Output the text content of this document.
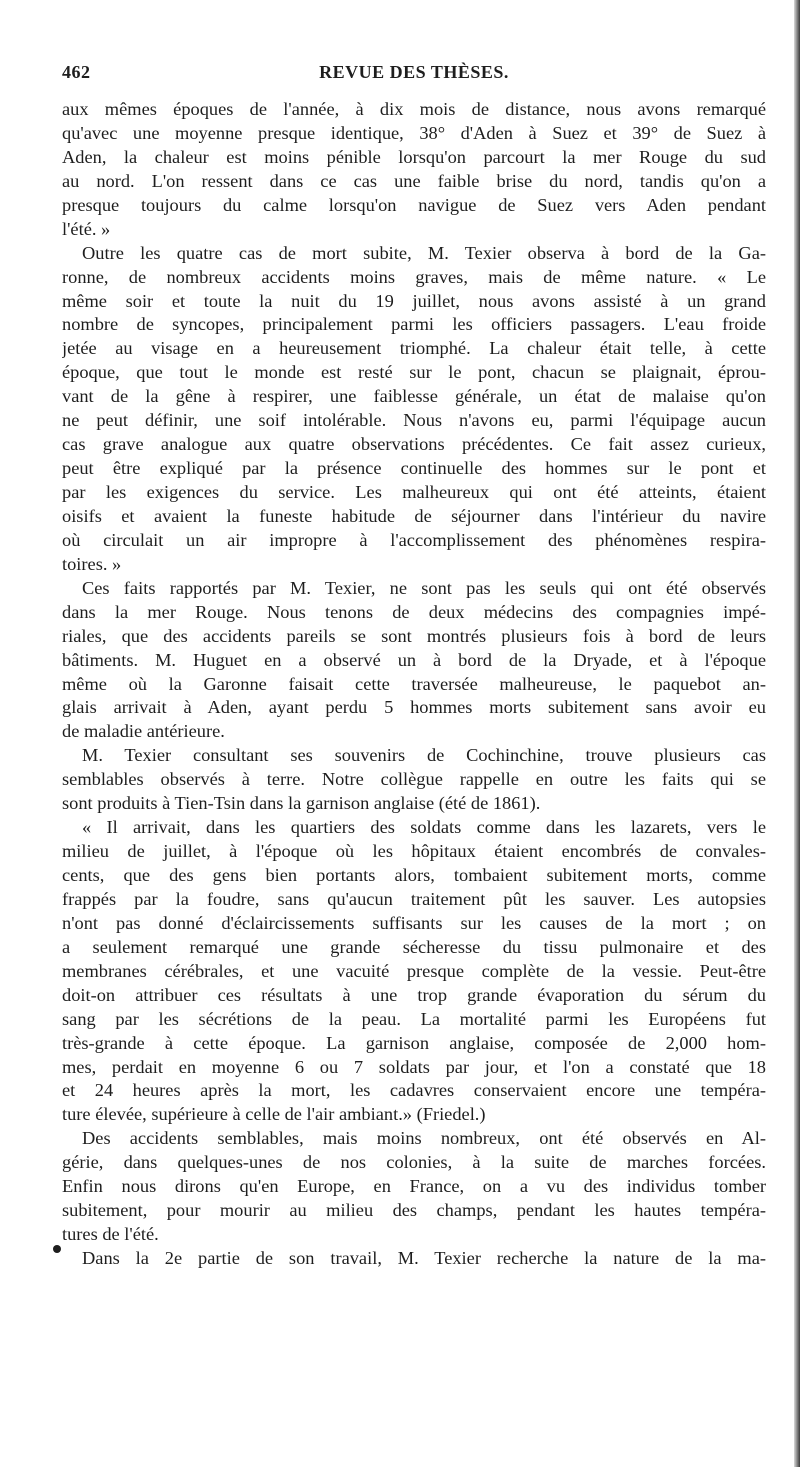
462	REVUE DES THÈSES.
aux mêmes époques de l'année, à dix mois de distance, nous avons remarqué
qu'avec une moyenne presque identique, 38° d'Aden à Suez et 39° de Suez à
Aden, la chaleur est moins pénible lorsqu'on parcourt la mer Rouge du sud
au nord. L'on ressent dans ce cas une faible brise du nord, tandis qu'on a
presque toujours du calme lorsqu'on navigue de Suez vers Aden pendant
l'été. »
Outre les quatre cas de mort subite, M. Texier observa à bord de la Ga-
ronne, de nombreux accidents moins graves, mais de même nature. « Le
même soir et toute la nuit du 19 juillet, nous avons assisté à un grand
nombre de syncopes, principalement parmi les officiers passagers. L'eau froide
jetée au visage en a heureusement triomphé. La chaleur était telle, à cette
époque, que tout le monde est resté sur le pont, chacun se plaignait, éprou-
vant de la gêne à respirer, une faiblesse générale, un état de malaise qu'on
ne peut définir, une soif intolérable. Nous n'avons eu, parmi l'équipage aucun
cas grave analogue aux quatre observations précédentes. Ce fait assez curieux,
peut être expliqué par la présence continuelle des hommes sur le pont et
par les exigences du service. Les malheureux qui ont été atteints, étaient
oisifs et avaient la funeste habitude de séjourner dans l'intérieur du navire
où circulait un air impropre à l'accomplissement des phénomènes respira-
toires. »
Ces faits rapportés par M. Texier, ne sont pas les seuls qui ont été observés
dans la mer Rouge. Nous tenons de deux médecins des compagnies impé-
riales, que des accidents pareils se sont montrés plusieurs fois à bord de leurs
bâtiments. M. Huguet en a observé un à bord de la Dryade, et à l'époque
même où la Garonne faisait cette traversée malheureuse, le paquebot an-
glais arrivait à Aden, ayant perdu 5 hommes morts subitement sans avoir eu
de maladie antérieure.
M. Texier consultant ses souvenirs de Cochinchine, trouve plusieurs cas
semblables observés à terre. Notre collègue rappelle en outre les faits qui se
sont produits à Tien-Tsin dans la garnison anglaise (été de 1861).
« Il arrivait, dans les quartiers des soldats comme dans les lazarets, vers le
milieu de juillet, à l'époque où les hôpitaux étaient encombrés de convales-
cents, que des gens bien portants alors, tombaient subitement morts, comme
frappés par la foudre, sans qu'aucun traitement pût les sauver. Les autopsies
n'ont pas donné d'éclaircissements suffisants sur les causes de la mort ; on
a seulement remarqué une grande sécheresse du tissu pulmonaire et des
membranes cérébrales, et une vacuité presque complète de la vessie. Peut-être
doit-on attribuer ces résultats à une trop grande évaporation du sérum du
sang par les sécrétions de la peau. La mortalité parmi les Européens fut
très-grande à cette époque. La garnison anglaise, composée de 2,000 hom-
mes, perdait en moyenne 6 ou 7 soldats par jour, et l'on a constaté que 18
et 24 heures après la mort, les cadavres conservaient encore une tempéra-
ture élevée, supérieure à celle de l'air ambiant.» (Friedel.)
Des accidents semblables, mais moins nombreux, ont été observés en Al-
gérie, dans quelques-unes de nos colonies, à la suite de marches forcées.
Enfin nous dirons qu'en Europe, en France, on a vu des individus tomber
subitement, pour mourir au milieu des champs, pendant les hautes tempéra-
tures de l'été.
Dans la 2e partie de son travail, M. Texier recherche la nature de la ma-
